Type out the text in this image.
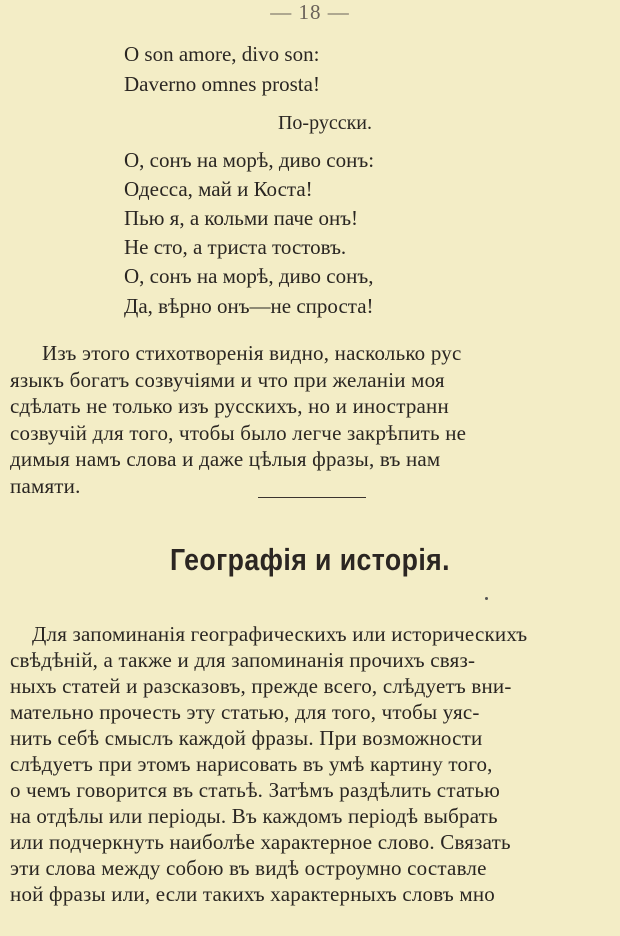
— 18 —
O son amore, divo son:
Daverno omnes prosta!
По-русски.
О, сонъ на морѣ, диво сонъ:
Одесса, май и Коста!
Пью я, а кольми паче онъ!
Не сто, а триста тостовъ.
О, сонъ на морѣ, диво сонъ,
Да, вѣрно онъ—не спроста!
Изъ этого стихотворенія видно, насколько рус
языкъ богатъ созвучіями и что при желаніи моя
сдѣлать не только изъ русскихъ, но и иностранн
созвучій для того, чтобы было легче закрѣпить не
димыя намъ слова и даже цѣлыя фразы, въ нам
памяти.
Географія и исторія.
Для запоминанія географическихъ или историческихъ
свѣдѣній, а также и для запоминанія прочихъ связ-
ныхъ статей и разсказовъ, прежде всего, слѣдуетъ вни-
мательно прочесть эту статью, для того, чтобы уяс-
нить себѣ смыслъ каждой фразы. При возможности
слѣдуетъ при этомъ нарисовать въ умѣ картину того,
о чемъ говорится въ статьѣ. Затѣмъ раздѣлить статью
на отдѣлы или періоды. Въ каждомъ періодѣ выбрать
или подчеркнуть наиболѣе характерное слово. Связать
эти слова между собою въ видѣ остроумно составле
ной фразы или, если такихъ характерныхъ словъ мно
